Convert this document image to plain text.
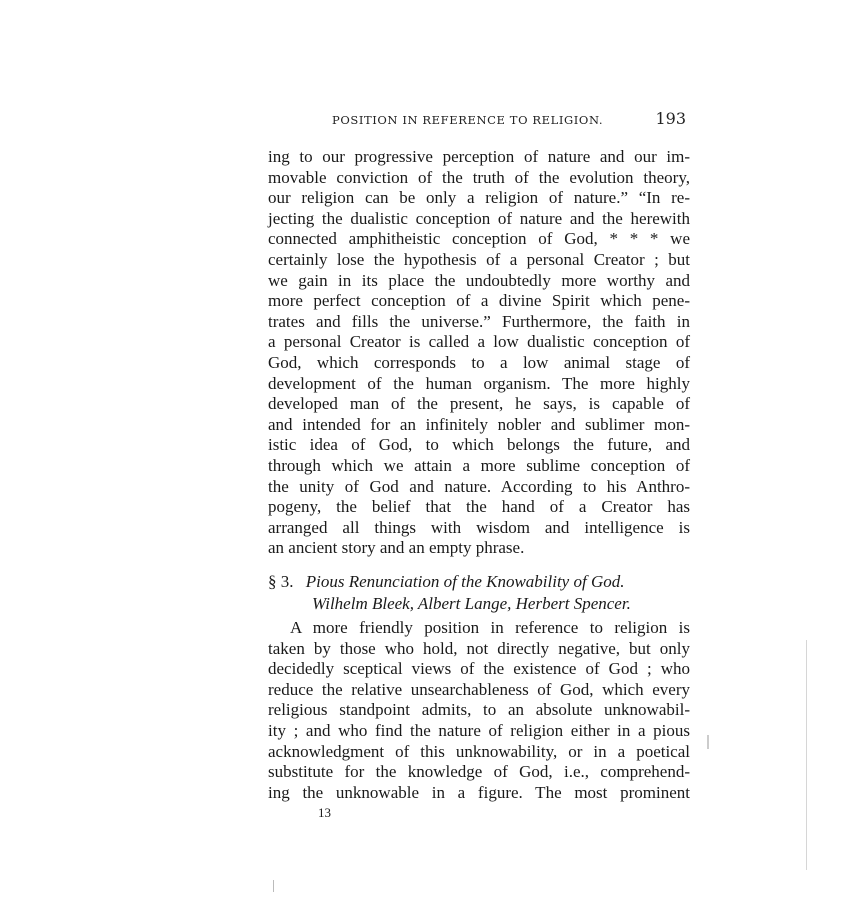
POSITION IN REFERENCE TO RELIGION.	193
ing to our progressive perception of nature and our im-
movable conviction of the truth of the evolution theory,
our religion can be only a religion of nature.” “In re-
jecting the dualistic conception of nature and the herewith
connected amphitheistic conception of God, * * * we
certainly lose the hypothesis of a personal Creator ; but
we gain in its place the undoubtedly more worthy and
more perfect conception of a divine Spirit which pene-
trates and fills the universe.” Furthermore, the faith in
a personal Creator is called a low dualistic conception of
God, which corresponds to a low animal stage of
development of the human organism. The more highly
developed man of the present, he says, is capable of
and intended for an infinitely nobler and sublimer mon-
istic idea of God, to which belongs the future, and
through which we attain a more sublime conception of
the unity of God and nature. According to his Anthro-
pogeny, the belief that the hand of a Creator has
arranged all things with wisdom and intelligence is
an ancient story and an empty phrase.
§ 3. Pious Renunciation of the Knowability of God.
Wilhelm Bleek, Albert Lange, Herbert Spencer.
A more friendly position in reference to religion is
taken by those who hold, not directly negative, but only
decidedly sceptical views of the existence of God ; who
reduce the relative unsearchableness of God, which every
religious standpoint admits, to an absolute unknowabil-
ity ; and who find the nature of religion either in a pious
acknowledgment of this unknowability, or in a poetical
substitute for the knowledge of God, i.e., comprehend-
ing the unknowable in a figure. The most prominent
13
